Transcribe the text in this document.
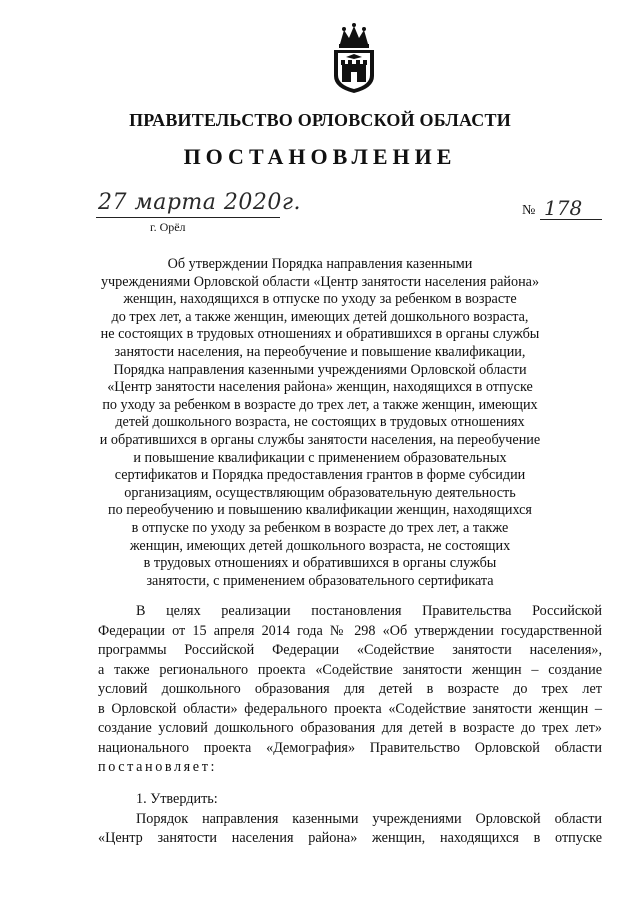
ПРАВИТЕЛЬСТВО ОРЛОВСКОЙ ОБЛАСТИ
ПОСТАНОВЛЕНИЕ
27 марта 2020г.
г. Орёл
№ 178
Об утверждении Порядка направления казенными
учреждениями Орловской области «Центр занятости населения района»
женщин, находящихся в отпуске по уходу за ребенком в возрасте
до трех лет, а также женщин, имеющих детей дошкольного возраста,
не состоящих в трудовых отношениях и обратившихся в органы службы
занятости населения, на переобучение и повышение квалификации,
Порядка направления казенными учреждениями Орловской области
«Центр занятости населения района» женщин, находящихся в отпуске
по уходу за ребенком в возрасте до трех лет, а также женщин, имеющих
детей дошкольного возраста, не состоящих в трудовых отношениях
и обратившихся в органы службы занятости населения, на переобучение
и повышение квалификации с применением образовательных
сертификатов и Порядка предоставления грантов в форме субсидии
организациям, осуществляющим образовательную деятельность
по переобучению и повышению квалификации женщин, находящихся
в отпуске по уходу за ребенком в возрасте до трех лет, а также
женщин, имеющих детей дошкольного возраста, не состоящих
в трудовых отношениях и обратившихся в органы службы
занятости, с применением образовательного сертификата
В целях реализации постановления Правительства Российской
Федерации от 15 апреля 2014 года № 298 «Об утверждении государственной
программы Российской Федерации «Содействие занятости населения»,
а также регионального проекта «Содействие занятости женщин – создание
условий дошкольного образования для детей в возрасте до трех лет
в Орловской области» федерального проекта «Содействие занятости женщин –
создание условий дошкольного образования для детей в возрасте до трех лет»
национального проекта «Демография» Правительство Орловской области
постановляет:
1. Утвердить:
Порядок направления казенными учреждениями Орловской области
«Центр занятости населения района» женщин, находящихся в отпуске
